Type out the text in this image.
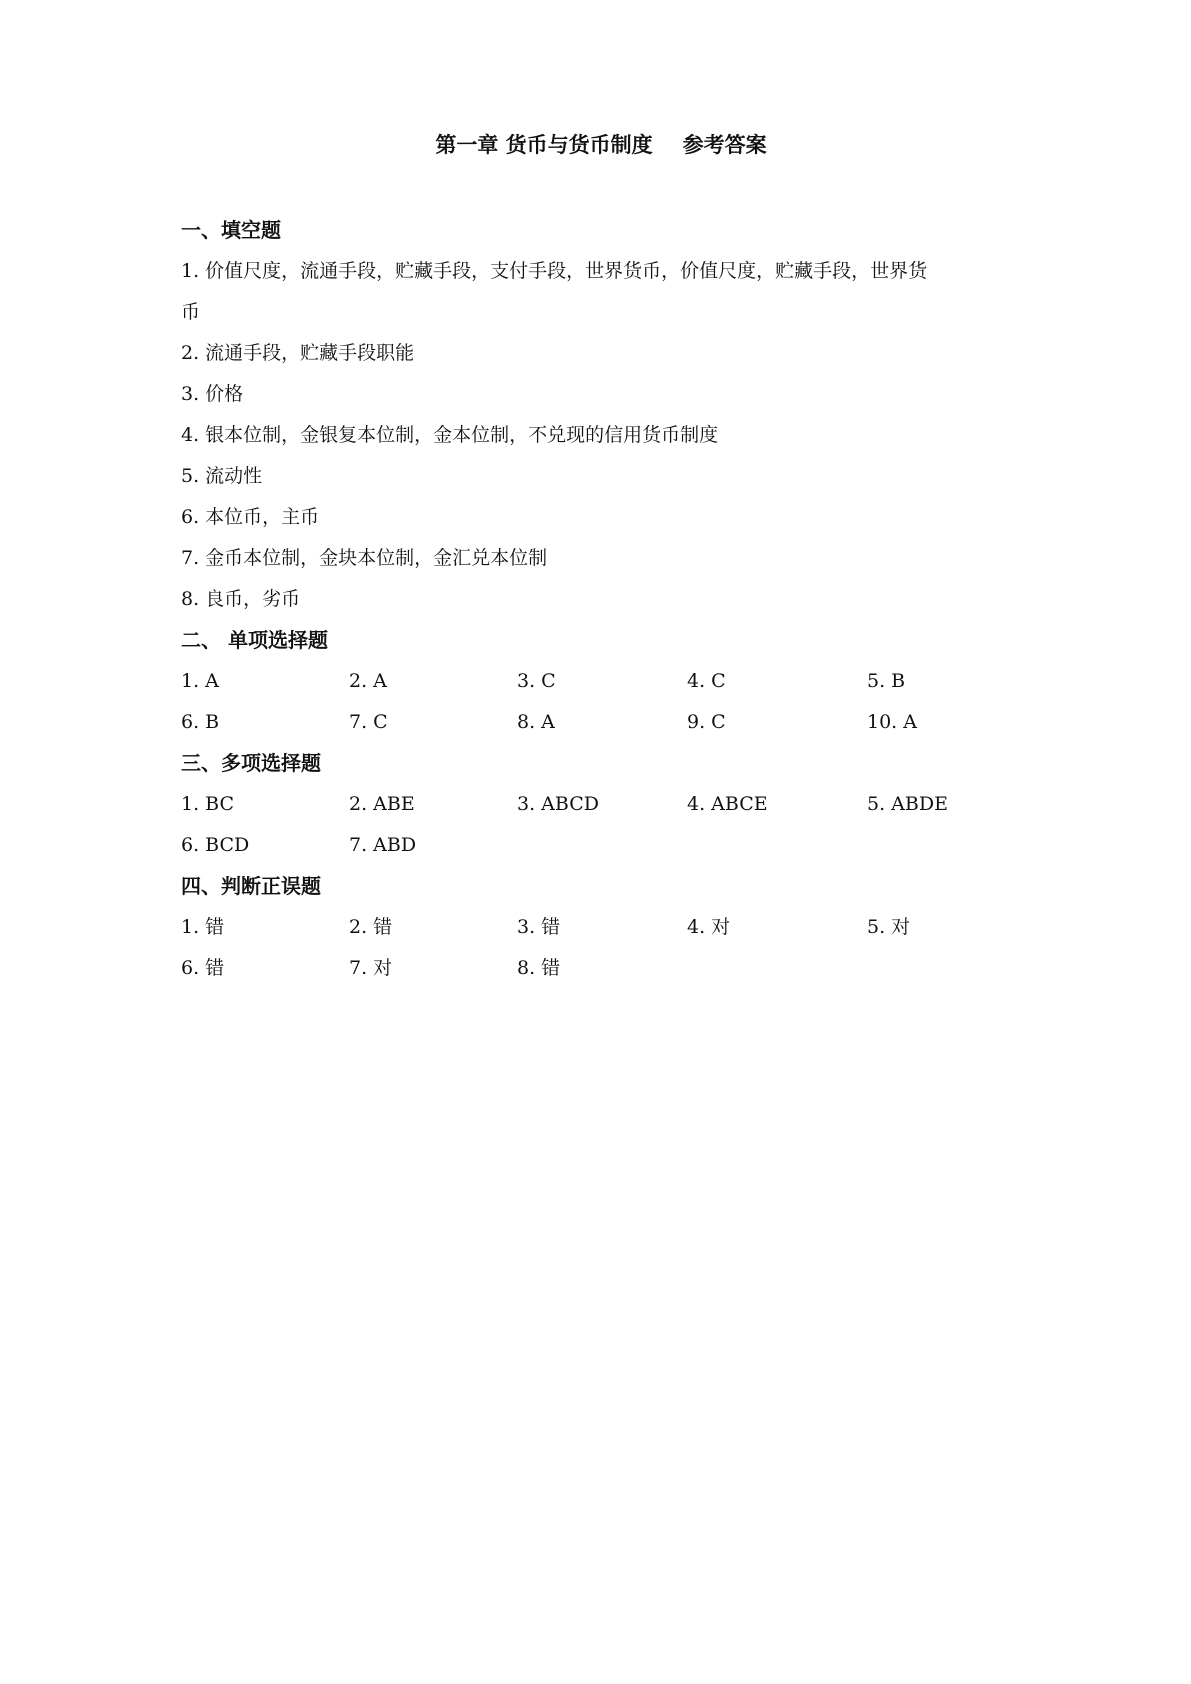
第一章 货币与货币制度 参考答案
一、填空题
1. 价值尺度，流通手段，贮藏手段，支付手段，世界货币，价值尺度，贮藏手段，世界货
币
2. 流通手段，贮藏手段职能
3. 价格
4. 银本位制，金银复本位制，金本位制，不兑现的信用货币制度
5. 流动性
6. 本位币，主币
7. 金币本位制，金块本位制，金汇兑本位制
8. 良币，劣币
二、 单项选择题
1. A	2. A	3. C	4. C	5. B
6. B	7. C	8. A	9. C	10. A
三、多项选择题
1. BC	2. ABE	3. ABCD	4. ABCE	5. ABDE
6. BCD	7. ABD
四、判断正误题
1. 错	2. 错	3. 错	4. 对	5. 对
6. 错	7. 对	8. 错
